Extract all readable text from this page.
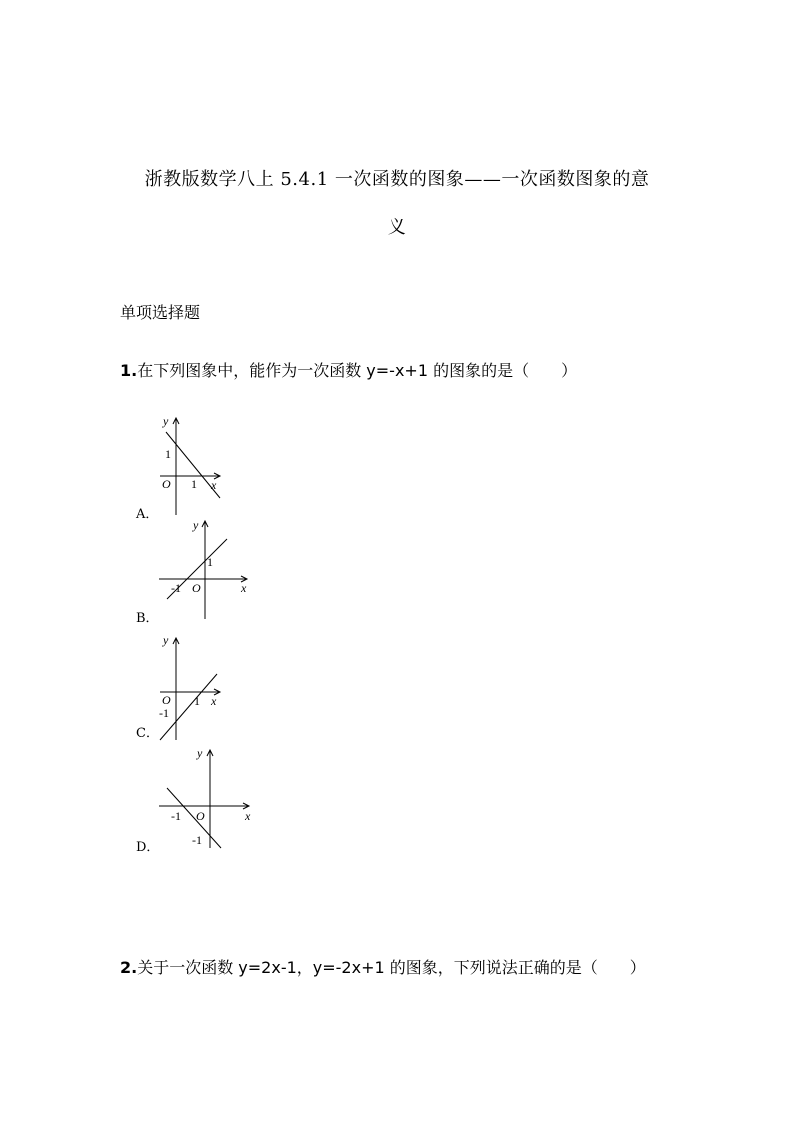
浙教版数学八上 5.4.1 一次函数的图象——一次函数图象的意
义
单项选择题
1.在下列图象中，能作为一次函数 y=-x+1 的图象的是（　　）
y
x
O 1
1
A．
y
x
O
-1
1
B．
y
x
O 1
-1
C．
y
x
O
-1
-1
D．
2.关于一次函数 y=2x-1，y=-2x+1 的图象，下列说法正确的是（　　）
